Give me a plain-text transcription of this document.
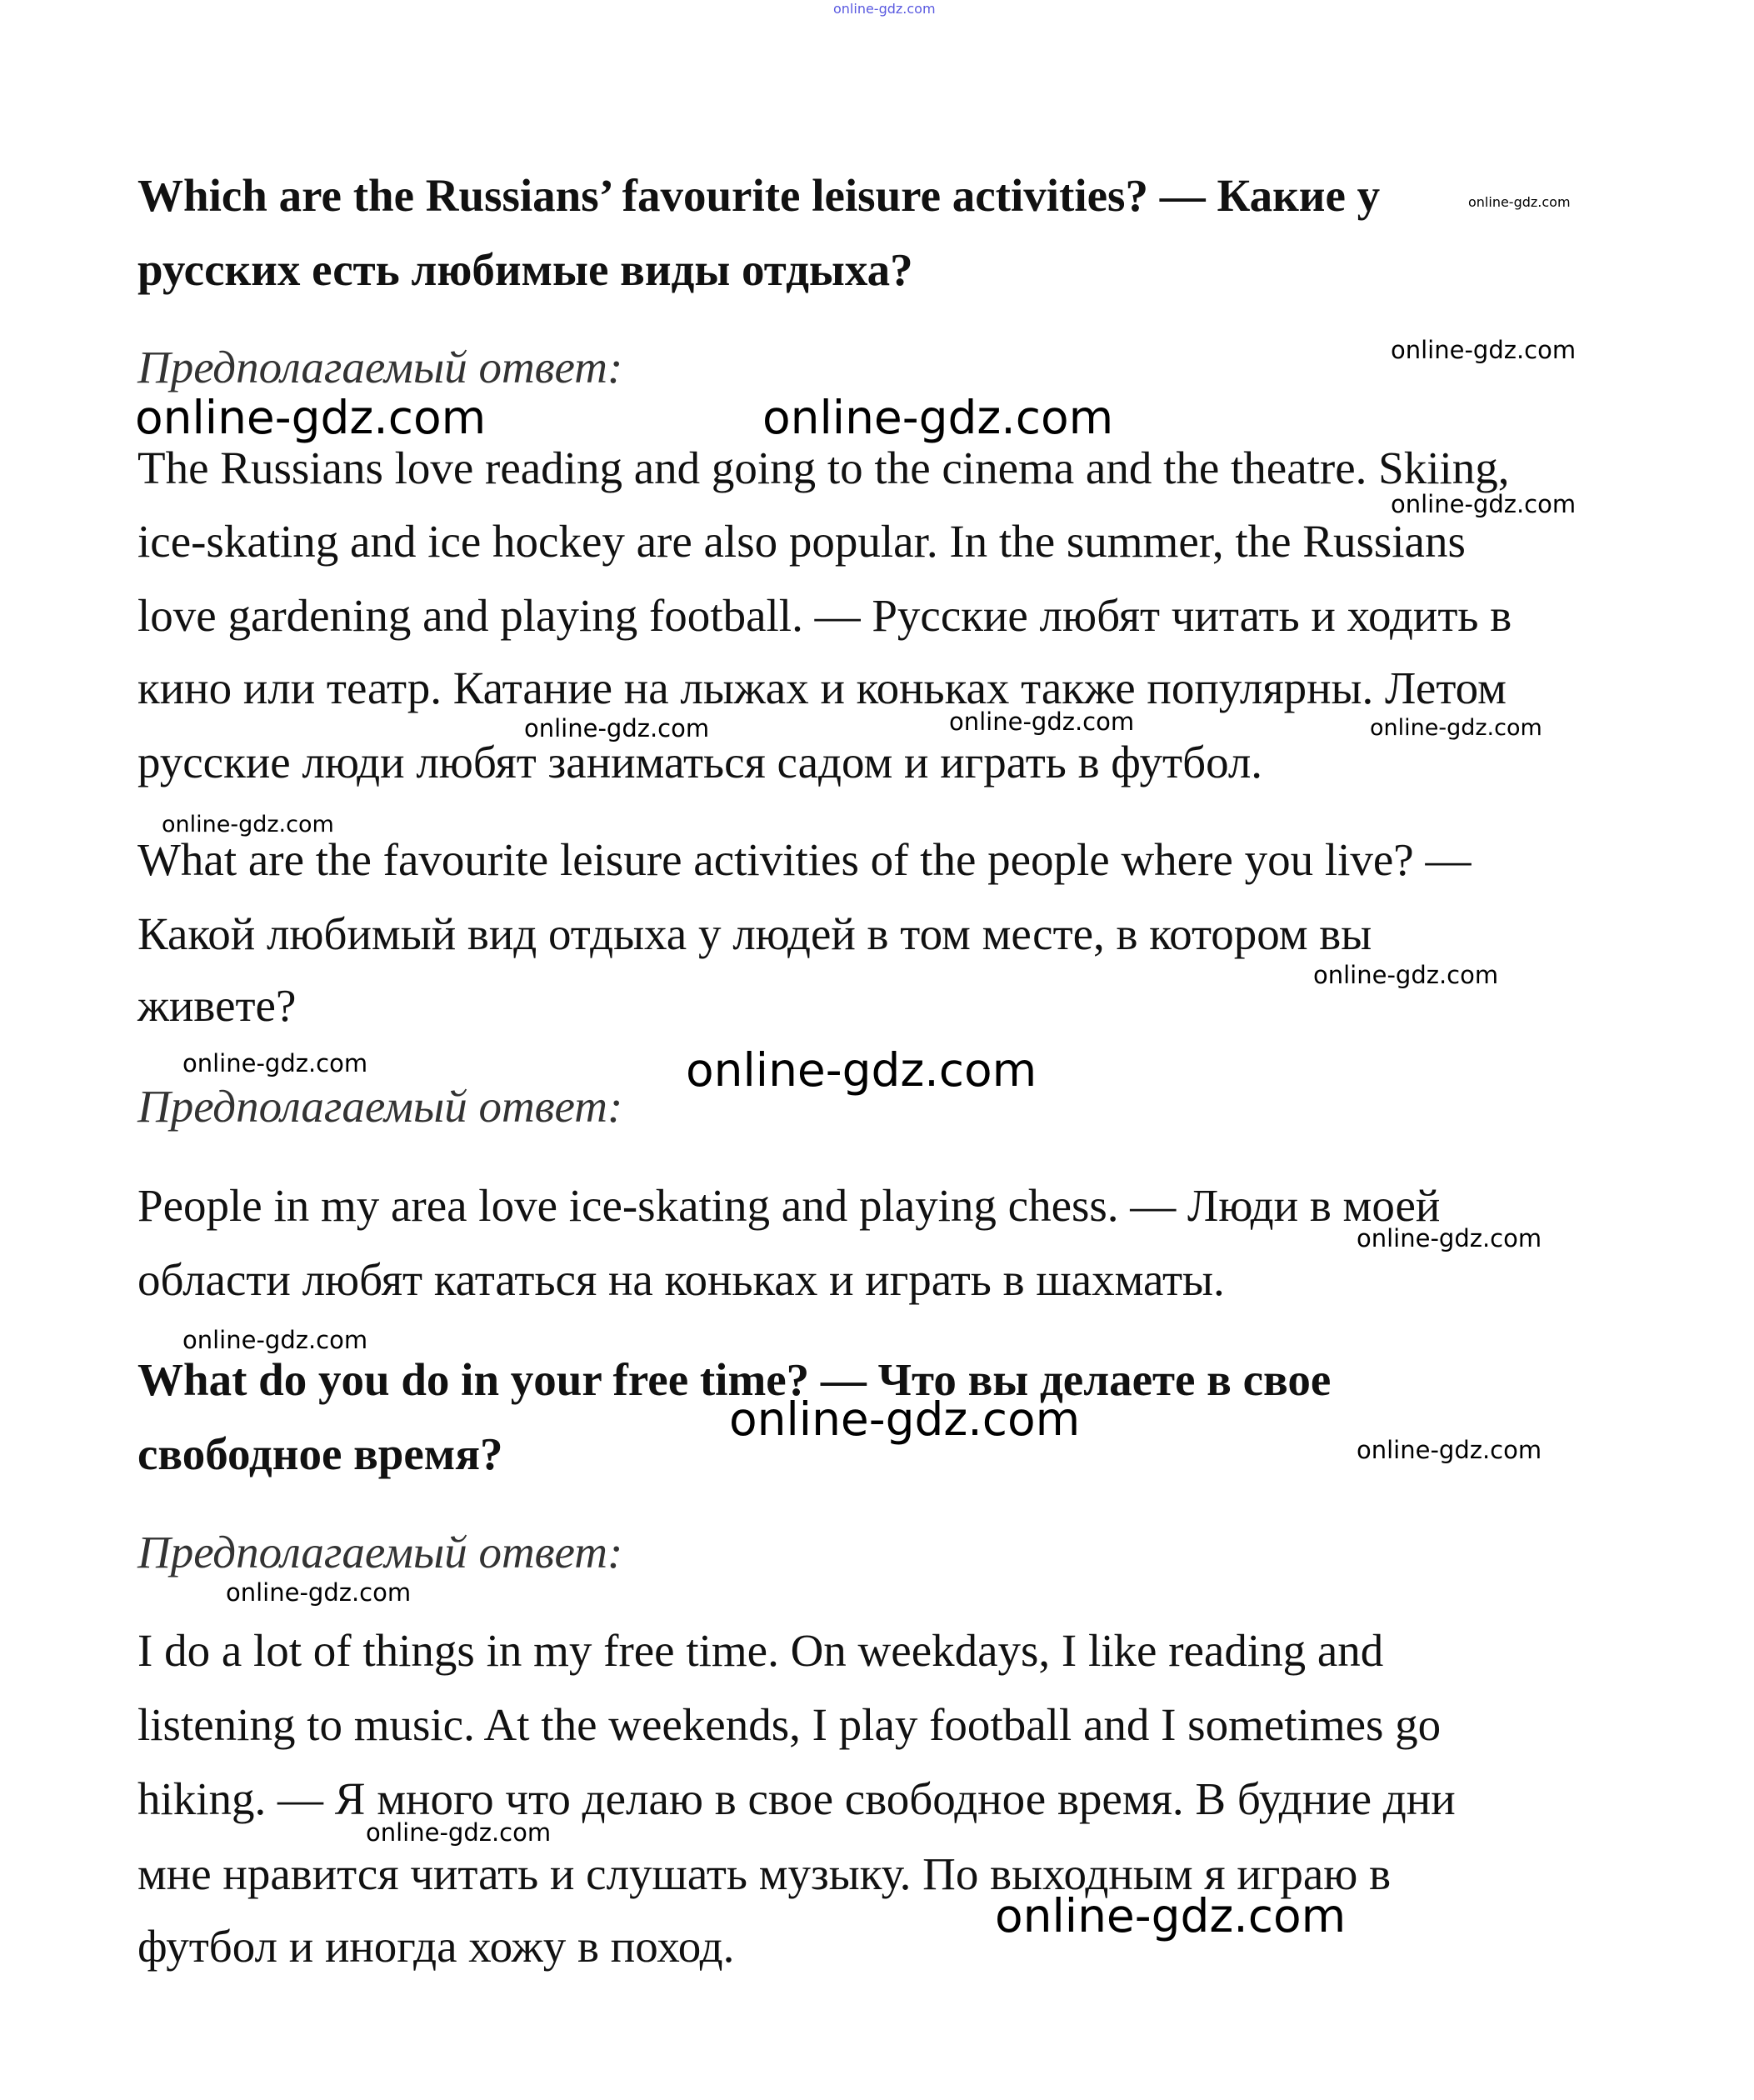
Which are the Russians’ favourite leisure activities? — Какие у
русских есть любимые виды отдыха?
Предполагаемый ответ:
The Russians love reading and going to the cinema and the theatre. Skiing,
ice-skating and ice hockey are also popular. In the summer, the Russians
love gardening and playing football. — Русские любят читать и ходить в
кино или театр. Катание на лыжах и коньках также популярны. Летом
русские люди любят заниматься садом и играть в футбол.
What are the favourite leisure activities of the people where you live? —
Какой любимый вид отдыха у людей в том месте, в котором вы
живете?
Предполагаемый ответ:
People in my area love ice-skating and playing chess. — Люди в моей
области любят кататься на коньках и играть в шахматы.
What do you do in your free time? — Что вы делаете в свое
свободное время?
Предполагаемый ответ:
I do a lot of things in my free time. On weekdays, I like reading and
listening to music. At the weekends, I play football and I sometimes go
hiking. — Я много что делаю в свое свободное время. В будние дни
мне нравится читать и слушать музыку. По выходным я играю в
футбол и иногда хожу в поход.
online-gdz.com
online-gdz.com
online-gdz.com
online-gdz.com	online-gdz.com
online-gdz.com
online-gdz.com	online-gdz.com	online-gdz.com
online-gdz.com
online-gdz.com
online-gdz.com	online-gdz.com
online-gdz.com
online-gdz.com
online-gdz.com
online-gdz.com
online-gdz.com
online-gdz.com
online-gdz.com
